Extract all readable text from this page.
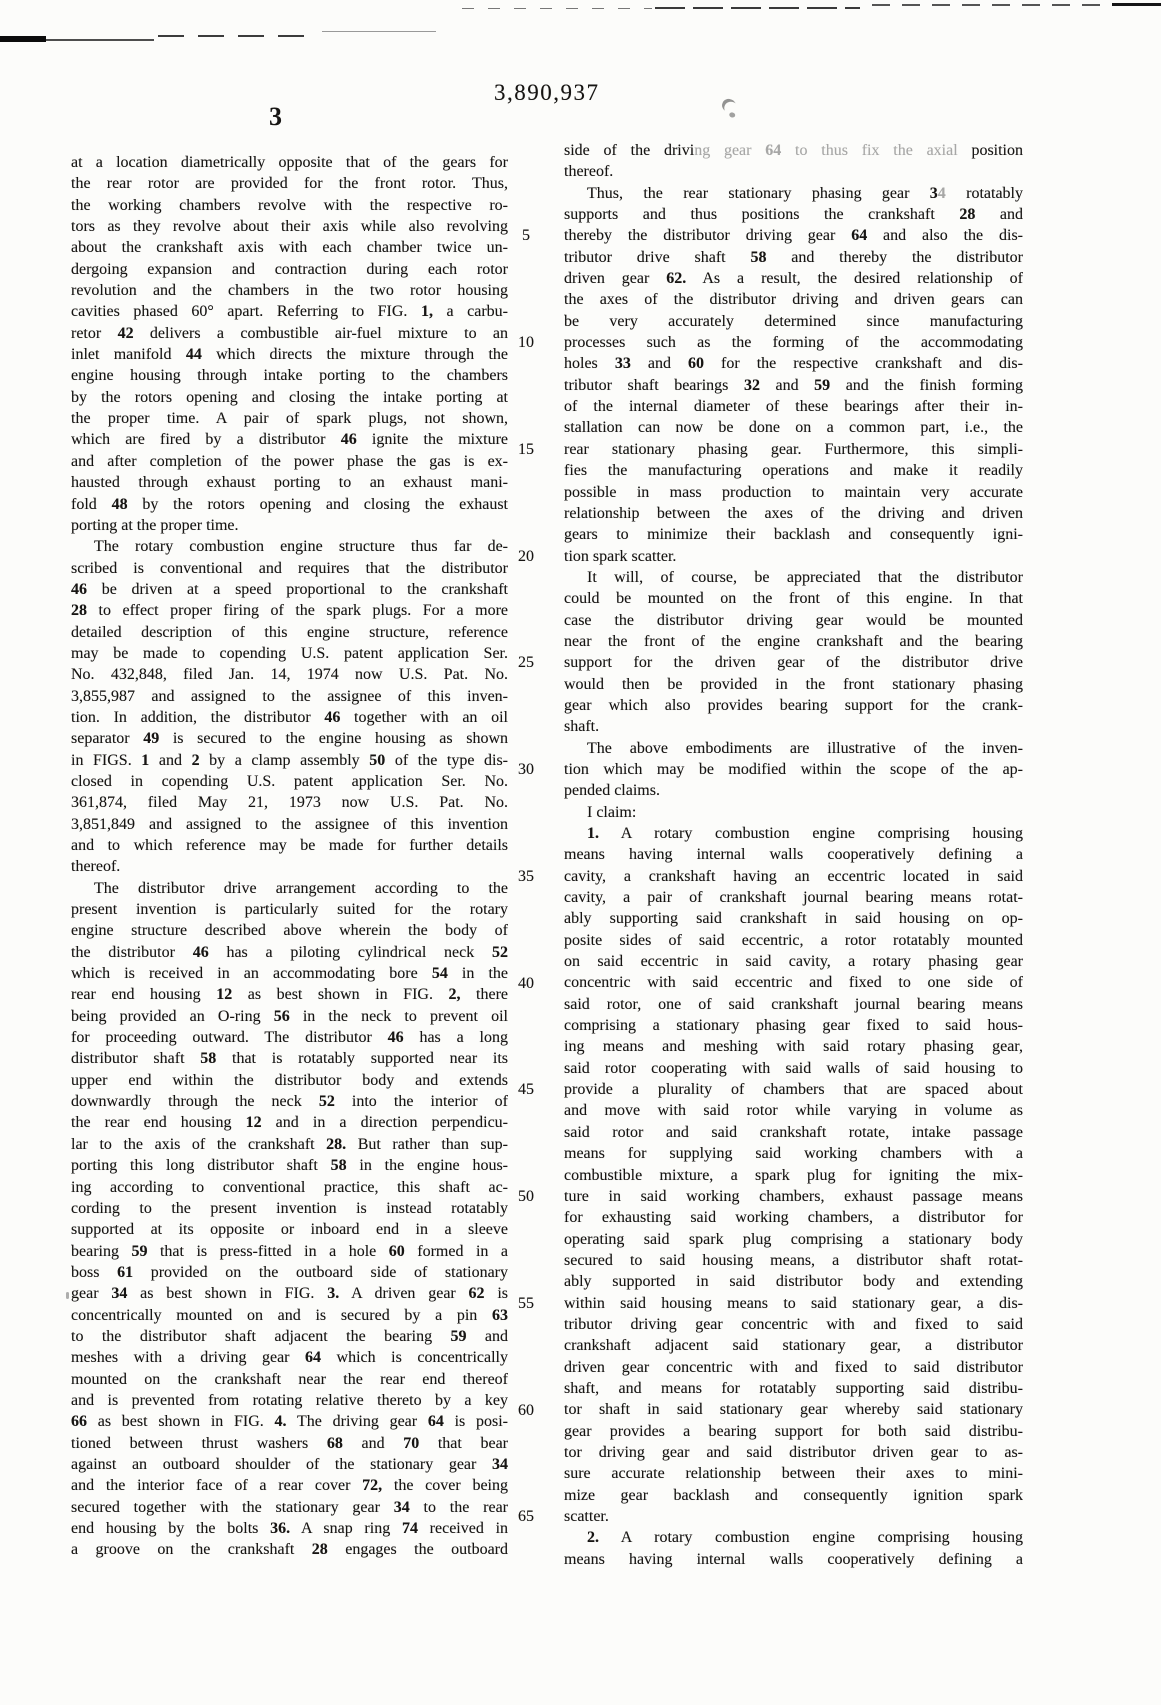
3,890,937
3
at a location diametrically opposite that of the gears for
the rear rotor are provided for the front rotor. Thus,
the working chambers revolve with the respective ro-
tors as they revolve about their axis while also revolving
about the crankshaft axis with each chamber twice un-
dergoing expansion and contraction during each rotor
revolution and the chambers in the two rotor housing
cavities phased 60° apart. Referring to FIG. 1, a carbu-
retor 42 delivers a combustible air-fuel mixture to an
inlet manifold 44 which directs the mixture through the
engine housing through intake porting to the chambers
by the rotors opening and closing the intake porting at
the proper time. A pair of spark plugs, not shown,
which are fired by a distributor 46 ignite the mixture
and after completion of the power phase the gas is ex-
hausted through exhaust porting to an exhaust mani-
fold 48 by the rotors opening and closing the exhaust
porting at the proper time.
The rotary combustion engine structure thus far de-
scribed is conventional and requires that the distributor
46 be driven at a speed proportional to the crankshaft
28 to effect proper firing of the spark plugs. For a more
detailed description of this engine structure, reference
may be made to copending U.S. patent application Ser.
No. 432,848, filed Jan. 14, 1974 now U.S. Pat. No.
3,855,987 and assigned to the assignee of this inven-
tion. In addition, the distributor 46 together with an oil
separator 49 is secured to the engine housing as shown
in FIGS. 1 and 2 by a clamp assembly 50 of the type dis-
closed in copending U.S. patent application Ser. No.
361,874, filed May 21, 1973 now U.S. Pat. No.
3,851,849 and assigned to the assignee of this invention
and to which reference may be made for further details
thereof.
The distributor drive arrangement according to the
present invention is particularly suited for the rotary
engine structure described above wherein the body of
the distributor 46 has a piloting cylindrical neck 52
which is received in an accommodating bore 54 in the
rear end housing 12 as best shown in FIG. 2, there
being provided an O-ring 56 in the neck to prevent oil
for proceeding outward. The distributor 46 has a long
distributor shaft 58 that is rotatably supported near its
upper end within the distributor body and extends
downwardly through the neck 52 into the interior of
the rear end housing 12 and in a direction perpendicu-
lar to the axis of the crankshaft 28. But rather than sup-
porting this long distributor shaft 58 in the engine hous-
ing according to conventional practice, this shaft ac-
cording to the present invention is instead rotatably
supported at its opposite or inboard end in a sleeve
bearing 59 that is press-fitted in a hole 60 formed in a
boss 61 provided on the outboard side of stationary
gear 34 as best shown in FIG. 3. A driven gear 62 is
concentrically mounted on and is secured by a pin 63
to the distributor shaft adjacent the bearing 59 and
meshes with a driving gear 64 which is concentrically
mounted on the crankshaft near the rear end thereof
and is prevented from rotating relative thereto by a key
66 as best shown in FIG. 4. The driving gear 64 is posi-
tioned between thrust washers 68 and 70 that bear
against an outboard shoulder of the stationary gear 34
and the interior face of a rear cover 72, the cover being
secured together with the stationary gear 34 to the rear
end housing by the bolts 36. A snap ring 74 received in
a groove on the crankshaft 28 engages the outboard
5
10
15
20
25
30
35
40
45
50
55
60
65
side of the driving gear 64 to thus fix the axial position
thereof.
Thus, the rear stationary phasing gear 34 rotatably
supports and thus positions the crankshaft 28 and
thereby the distributor driving gear 64 and also the dis-
tributor drive shaft 58 and thereby the distributor
driven gear 62. As a result, the desired relationship of
the axes of the distributor driving and driven gears can
be very accurately determined since manufacturing
processes such as the forming of the accommodating
holes 33 and 60 for the respective crankshaft and dis-
tributor shaft bearings 32 and 59 and the finish forming
of the internal diameter of these bearings after their in-
stallation can now be done on a common part, i.e., the
rear stationary phasing gear. Furthermore, this simpli-
fies the manufacturing operations and make it readily
possible in mass production to maintain very accurate
relationship between the axes of the driving and driven
gears to minimize their backlash and consequently igni-
tion spark scatter.
It will, of course, be appreciated that the distributor
could be mounted on the front of this engine. In that
case the distributor driving gear would be mounted
near the front of the engine crankshaft and the bearing
support for the driven gear of the distributor drive
would then be provided in the front stationary phasing
gear which also provides bearing support for the crank-
shaft.
The above embodiments are illustrative of the inven-
tion which may be modified within the scope of the ap-
pended claims.
I claim:
1. A rotary combustion engine comprising housing
means having internal walls cooperatively defining a
cavity, a crankshaft having an eccentric located in said
cavity, a pair of crankshaft journal bearing means rotat-
ably supporting said crankshaft in said housing on op-
posite sides of said eccentric, a rotor rotatably mounted
on said eccentric in said cavity, a rotary phasing gear
concentric with said eccentric and fixed to one side of
said rotor, one of said crankshaft journal bearing means
comprising a stationary phasing gear fixed to said hous-
ing means and meshing with said rotary phasing gear,
said rotor cooperating with said walls of said housing to
provide a plurality of chambers that are spaced about
and move with said rotor while varying in volume as
said rotor and said crankshaft rotate, intake passage
means for supplying said working chambers with a
combustible mixture, a spark plug for igniting the mix-
ture in said working chambers, exhaust passage means
for exhausting said working chambers, a distributor for
operating said spark plug comprising a stationary body
secured to said housing means, a distributor shaft rotat-
ably supported in said distributor body and extending
within said housing means to said stationary gear, a dis-
tributor driving gear concentric with and fixed to said
crankshaft adjacent said stationary gear, a distributor
driven gear concentric with and fixed to said distributor
shaft, and means for rotatably supporting said distribu-
tor shaft in said stationary gear whereby said stationary
gear provides a bearing support for both said distribu-
tor driving gear and said distributor driven gear to as-
sure accurate relationship between their axes to mini-
mize gear backlash and consequently ignition spark
scatter.
2. A rotary combustion engine comprising housing
means having internal walls cooperatively defining a
